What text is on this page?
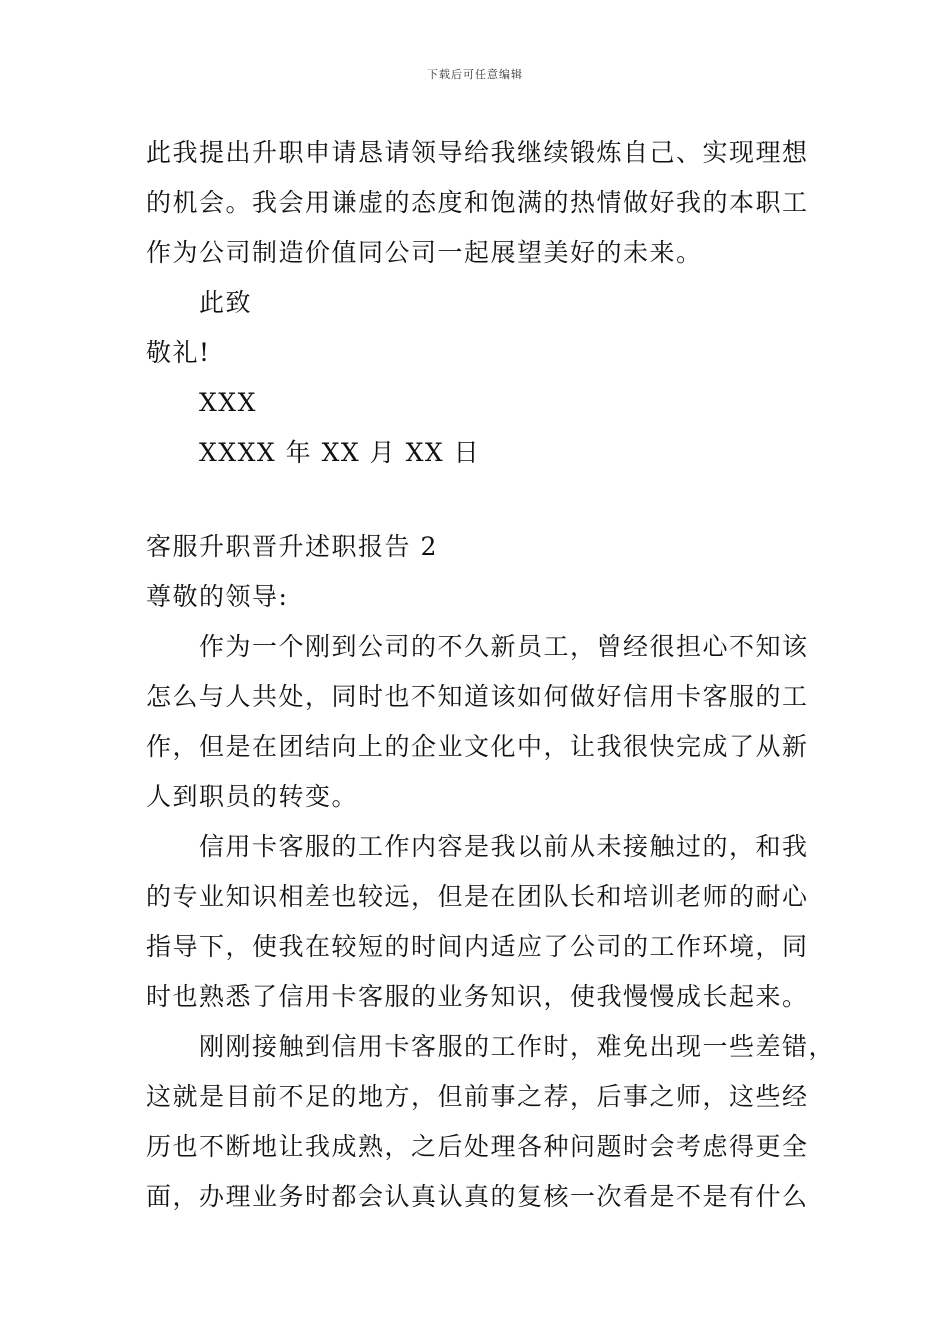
下载后可任意编辑
此我提出升职申请恳请领导给我继续锻炼自己、实现理想
的机会。我会用谦虚的态度和饱满的热情做好我的本职工
作为公司制造价值同公司一起展望美好的未来。
此致
敬礼!
XXX
XXXX 年 XX 月 XX 日
客服升职晋升述职报告 2
尊敬的领导:
作为一个刚到公司的不久新员工，曾经很担心不知该
怎么与人共处，同时也不知道该如何做好信用卡客服的工
作，但是在团结向上的企业文化中，让我很快完成了从新
人到职员的转变。
信用卡客服的工作内容是我以前从未接触过的，和我
的专业知识相差也较远，但是在团队长和培训老师的耐心
指导下，使我在较短的时间内适应了公司的工作环境，同
时也熟悉了信用卡客服的业务知识，使我慢慢成长起来。
刚刚接触到信用卡客服的工作时，难免出现一些差错，
这就是目前不足的地方，但前事之荐，后事之师，这些经
历也不断地让我成熟，之后处理各种问题时会考虑得更全
面，办理业务时都会认真认真的复核一次看是不是有什么
